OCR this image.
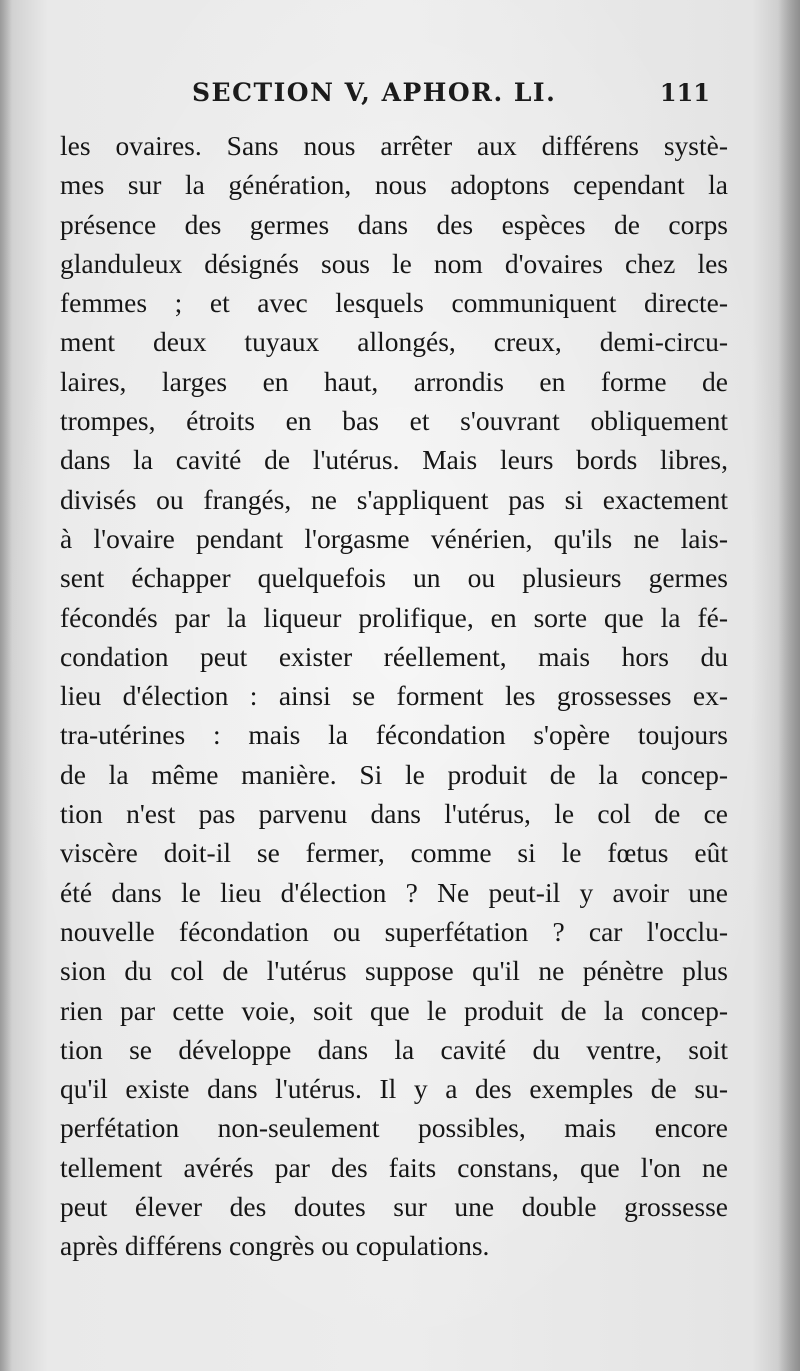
SECTION V, APHOR. LI.	111
les ovaires. Sans nous arrêter aux différens systè-
mes sur la génération, nous adoptons cependant la
présence des germes dans des espèces de corps
glanduleux désignés sous le nom d'ovaires chez les
femmes ; et avec lesquels communiquent directe-
ment deux tuyaux allongés, creux, demi-circu-
laires, larges en haut, arrondis en forme de
trompes, étroits en bas et s'ouvrant obliquement
dans la cavité de l'utérus. Mais leurs bords libres,
divisés ou frangés, ne s'appliquent pas si exactement
à l'ovaire pendant l'orgasme vénérien, qu'ils ne lais-
sent échapper quelquefois un ou plusieurs germes
fécondés par la liqueur prolifique, en sorte que la fé-
condation peut exister réellement, mais hors du
lieu d'élection : ainsi se forment les grossesses ex-
tra-utérines : mais la fécondation s'opère toujours
de la même manière. Si le produit de la concep-
tion n'est pas parvenu dans l'utérus, le col de ce
viscère doit-il se fermer, comme si le fœtus eût
été dans le lieu d'élection ? Ne peut-il y avoir une
nouvelle fécondation ou superfétation ? car l'occlu-
sion du col de l'utérus suppose qu'il ne pénètre plus
rien par cette voie, soit que le produit de la concep-
tion se développe dans la cavité du ventre, soit
qu'il existe dans l'utérus. Il y a des exemples de su-
perfétation non-seulement possibles, mais encore
tellement avérés par des faits constans, que l'on ne
peut élever des doutes sur une double grossesse
après différens congrès ou copulations.
